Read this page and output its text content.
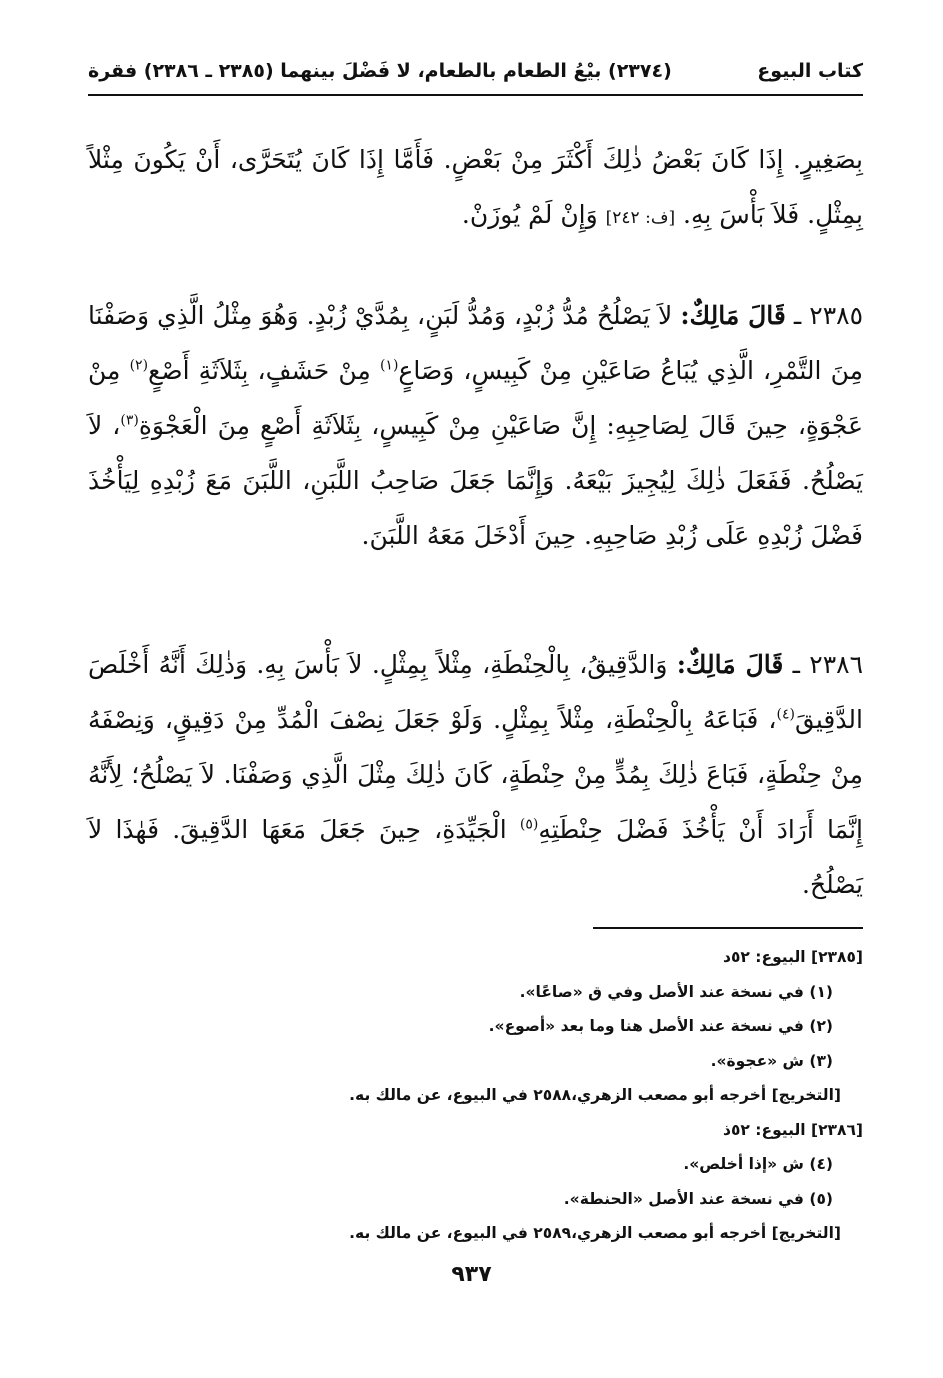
كتاب البيوع
(٢٣٧٤) بيْعُ الطعام بالطعام، لا فَضْلَ بينهما (٢٣٨٥ ـ ٢٣٨٦) فقرة

بِصَغِيرٍ. إِذَا كَانَ بَعْضُ ذٰلِكَ أَكْثَرَ مِنْ بَعْضٍ. فَأَمَّا إِذَا كَانَ يُتَحَرَّى، أَنْ يَكُونَ مِثْلاً بِمِثْلٍ. فَلاَ بَأْسَ بِهِ. [ف: ٢٤٢] وَإِنْ لَمْ يُوزَنْ.

٢٣٨٥ ـ قَالَ مَالِكٌ: لاَ يَصْلُحُ مُدُّ زُبْدٍ، وَمُدُّ لَبَنٍ، بِمُدَّيْ زُبْدٍ. وَهُوَ مِثْلُ الَّذِي وَصَفْنَا مِنَ التَّمْرِ، الَّذِي يُبَاعُ صَاعَيْنِ مِنْ كَبِيسٍ، وَصَاعٍ$^{(١)}$ مِنْ حَشَفٍ، بِثَلاَثَةِ أَصْعٍ$^{(٢)}$ مِنْ عَجْوَةٍ، حِينَ قَالَ لِصَاحِبِهِ: إِنَّ صَاعَيْنِ مِنْ كَبِيسٍ، بِثَلاَثَةِ أَصْعٍ مِنَ الْعَجْوَةِ$^{(٣)}$، لاَ يَصْلُحُ. فَفَعَلَ ذٰلِكَ لِيُجِيزَ بَيْعَهُ. وَإِنَّمَا جَعَلَ صَاحِبُ اللَّبَنِ، اللَّبَنَ مَعَ زُبْدِهِ لِيَأْخُذَ فَضْلَ زُبْدِهِ عَلَى زُبْدِ صَاحِبِهِ. حِينَ أَدْخَلَ مَعَهُ اللَّبَنَ.

٢٣٨٦ ـ قَالَ مَالِكٌ: وَالدَّقِيقُ، بِالْحِنْطَةِ، مِثْلاً بِمِثْلٍ. لاَ بَأْسَ بِهِ. وَذٰلِكَ أَنَّهُ أَخْلَصَ الدَّقِيقَ$^{(٤)}$، فَبَاعَهُ بِالْحِنْطَةِ، مِثْلاً بِمِثْلٍ. وَلَوْ جَعَلَ نِصْفَ الْمُدِّ مِنْ دَقِيقٍ، وَنِصْفَهُ مِنْ حِنْطَةٍ، فَبَاعَ ذٰلِكَ بِمُدٍّ مِنْ حِنْطَةٍ، كَانَ ذٰلِكَ مِثْلَ الَّذِي وَصَفْنَا. لاَ يَصْلُحُ؛ لِأَنَّهُ إِنَّمَا أَرَادَ أَنْ يَأْخُذَ فَضْلَ حِنْطَتِهِ$^{(٥)}$ الْجَيِّدَةِ، حِينَ جَعَلَ مَعَهَا الدَّقِيقَ. فَهٰذَا لاَ يَصْلُحُ.

[٢٣٨٥] البيوع: ٥٢د
(١) في نسخة عند الأصل وفي ق «صاعًا».
(٢) في نسخة عند الأصل هنا وما بعد «أصوع».
(٣) ش «عجوة».
[التخريج] أخرجه أبو مصعب الزهري،٢٥٨٨ في البيوع، عن مالك به.
[٢٣٨٦] البيوع: ٥٢ذ
(٤) ش «إذا أخلص».
(٥) في نسخة عند الأصل «الحنطة».
[التخريج] أخرجه أبو مصعب الزهري،٢٥٨٩ في البيوع، عن مالك به.
٩٣٧
